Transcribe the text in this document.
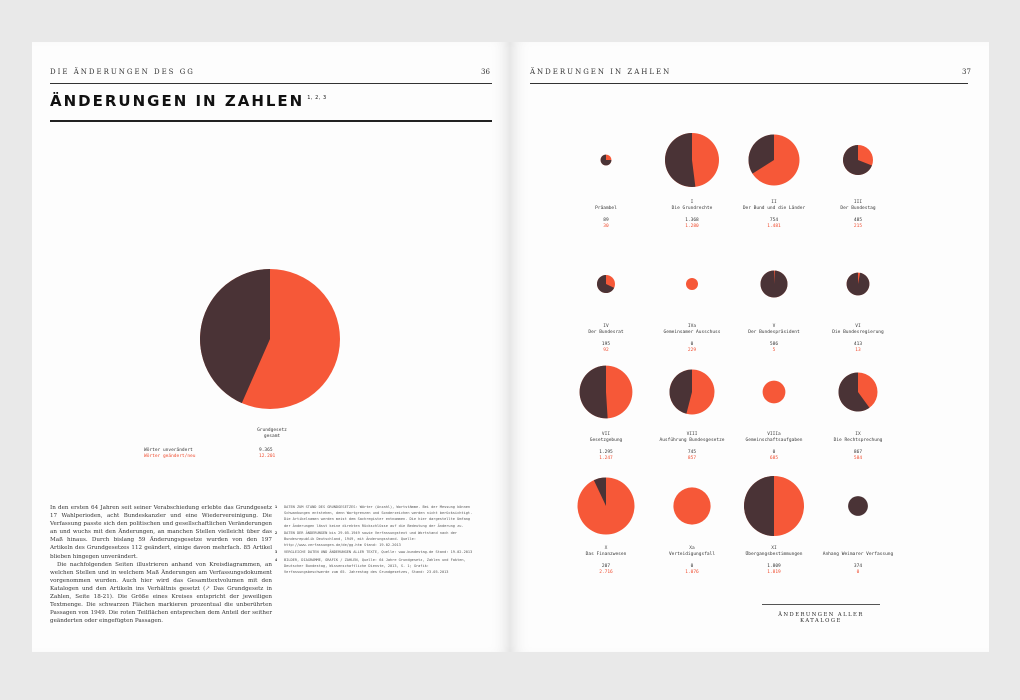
DIE ÄNDERUNGEN DES GG	36
ÄNDERUNGEN IN ZAHLEN $^{1, 2, 3}$
Grundgesetz
gesamt
Wörter unverändert	9.365
Wörter geändert/neu	12.201

In den ersten 64 Jahren seit seiner Verabschiedung erlebte das Grundgesetz 17 Wahlperioden, acht Bundeskanzler und eine Wiedervereinigung. Die Verfassung passte sich den politischen und gesellschaftlichen Veränderungen an und wuchs mit den Änderungen, an manchen Stellen vielleicht über das Maß hinaus. Durch bislang 59 Änderungsgesetze wurden von den 197 Artikeln des Grundgesetzes 112 geändert, einige davon mehrfach. 85 Artikel blieben hingegen unverändert.

Die nachfolgenden Seiten illustrieren anhand von Kreisdiagrammen, an welchen Stellen und in welchem Maß Änderungen am Verfassungsdokument vorgenommen wurden. Auch hier wird das Gesamttextvolumen mit den Katalogen und den Artikeln ins Verhältnis gesetzt (↗ Das Grundgesetz in Zahlen, Seite 18-21). Die Größe eines Kreises entspricht der jeweiligen Textmenge. Die schwarzen Flächen markieren prozentual die unberührten Passagen von 1949. Die roten Teilflächen entsprechen dem Anteil der seither geänderten oder eingefügten Passagen.

1 DATEN ZUM STAND DES GRUNDGESETZES: Wörter (Anzahl), Wortstämme. Bei der Messung können Schwankungen entstehen, denn Wortgrenzen und Sonderzeichen werden nicht berücksichtigt. Die Artikelnamen werden meist dem Sachregister entnommen. Die hier dargestellte Umfang der Änderungen lässt keine direkten Rückschlüsse auf die Bedeutung der Änderung zu.
2 DATEN DER ÄNDERUNGEN bis 29.05.1949 sowie Verfassungstext und Wortstand nach der Bundesrepublik Deutschland, 1949, mit Änderungsstand. Quelle: http://www.verfassungen.de/de/gg.htm Stand: 19.02.2013
3 VERGLEICHE DATEN UND ÄNDERUNGEN ALLER TEXTE, Quelle: www.bundestag.de Stand: 19.02.2013
4 BILDER, DIAGRAMME, GRAFIK / ZAHLEN, Quelle: 64 Jahre Grundgesetz, Zahlen und Fakten, Deutscher Bundestag, Wissenschaftliche Dienste, 2013, S. 1; Grafik: Verfassungsbeschwerde zum 65. Jahrestag des Grundgesetzes, Stand: 23.05.2013
ÄNDERUNGEN IN ZAHLEN	37

Präambel
89
30
I
Die Grundrechte
1.368
1.280
II
Der Bund und die Länder
754
1.481
III
Der Bundestag
485
215
IV
Der Bundesrat
195
92
IVa
Gemeinsamer Ausschuss
0
229
V
Der Bundespräsident
586
5
VI
Die Bundesregierung
413
13
VII
Gesetzgebung
1.295
1.247
VIII
Ausführung Bundesgesetze
745
857
VIIIa
Gemeinschaftsaufgaben
0
685
IX
Die Rechtsprechung
867
584
X
Das Finanzwesen
207
2.716
Xa
Verteidigungsfall
0
1.076
XI
Übergangsbestimmungen
1.809
1.819

Anhang Weimarer Verfassung
374
0
ÄNDERUNGEN ALLER KATALOGE
